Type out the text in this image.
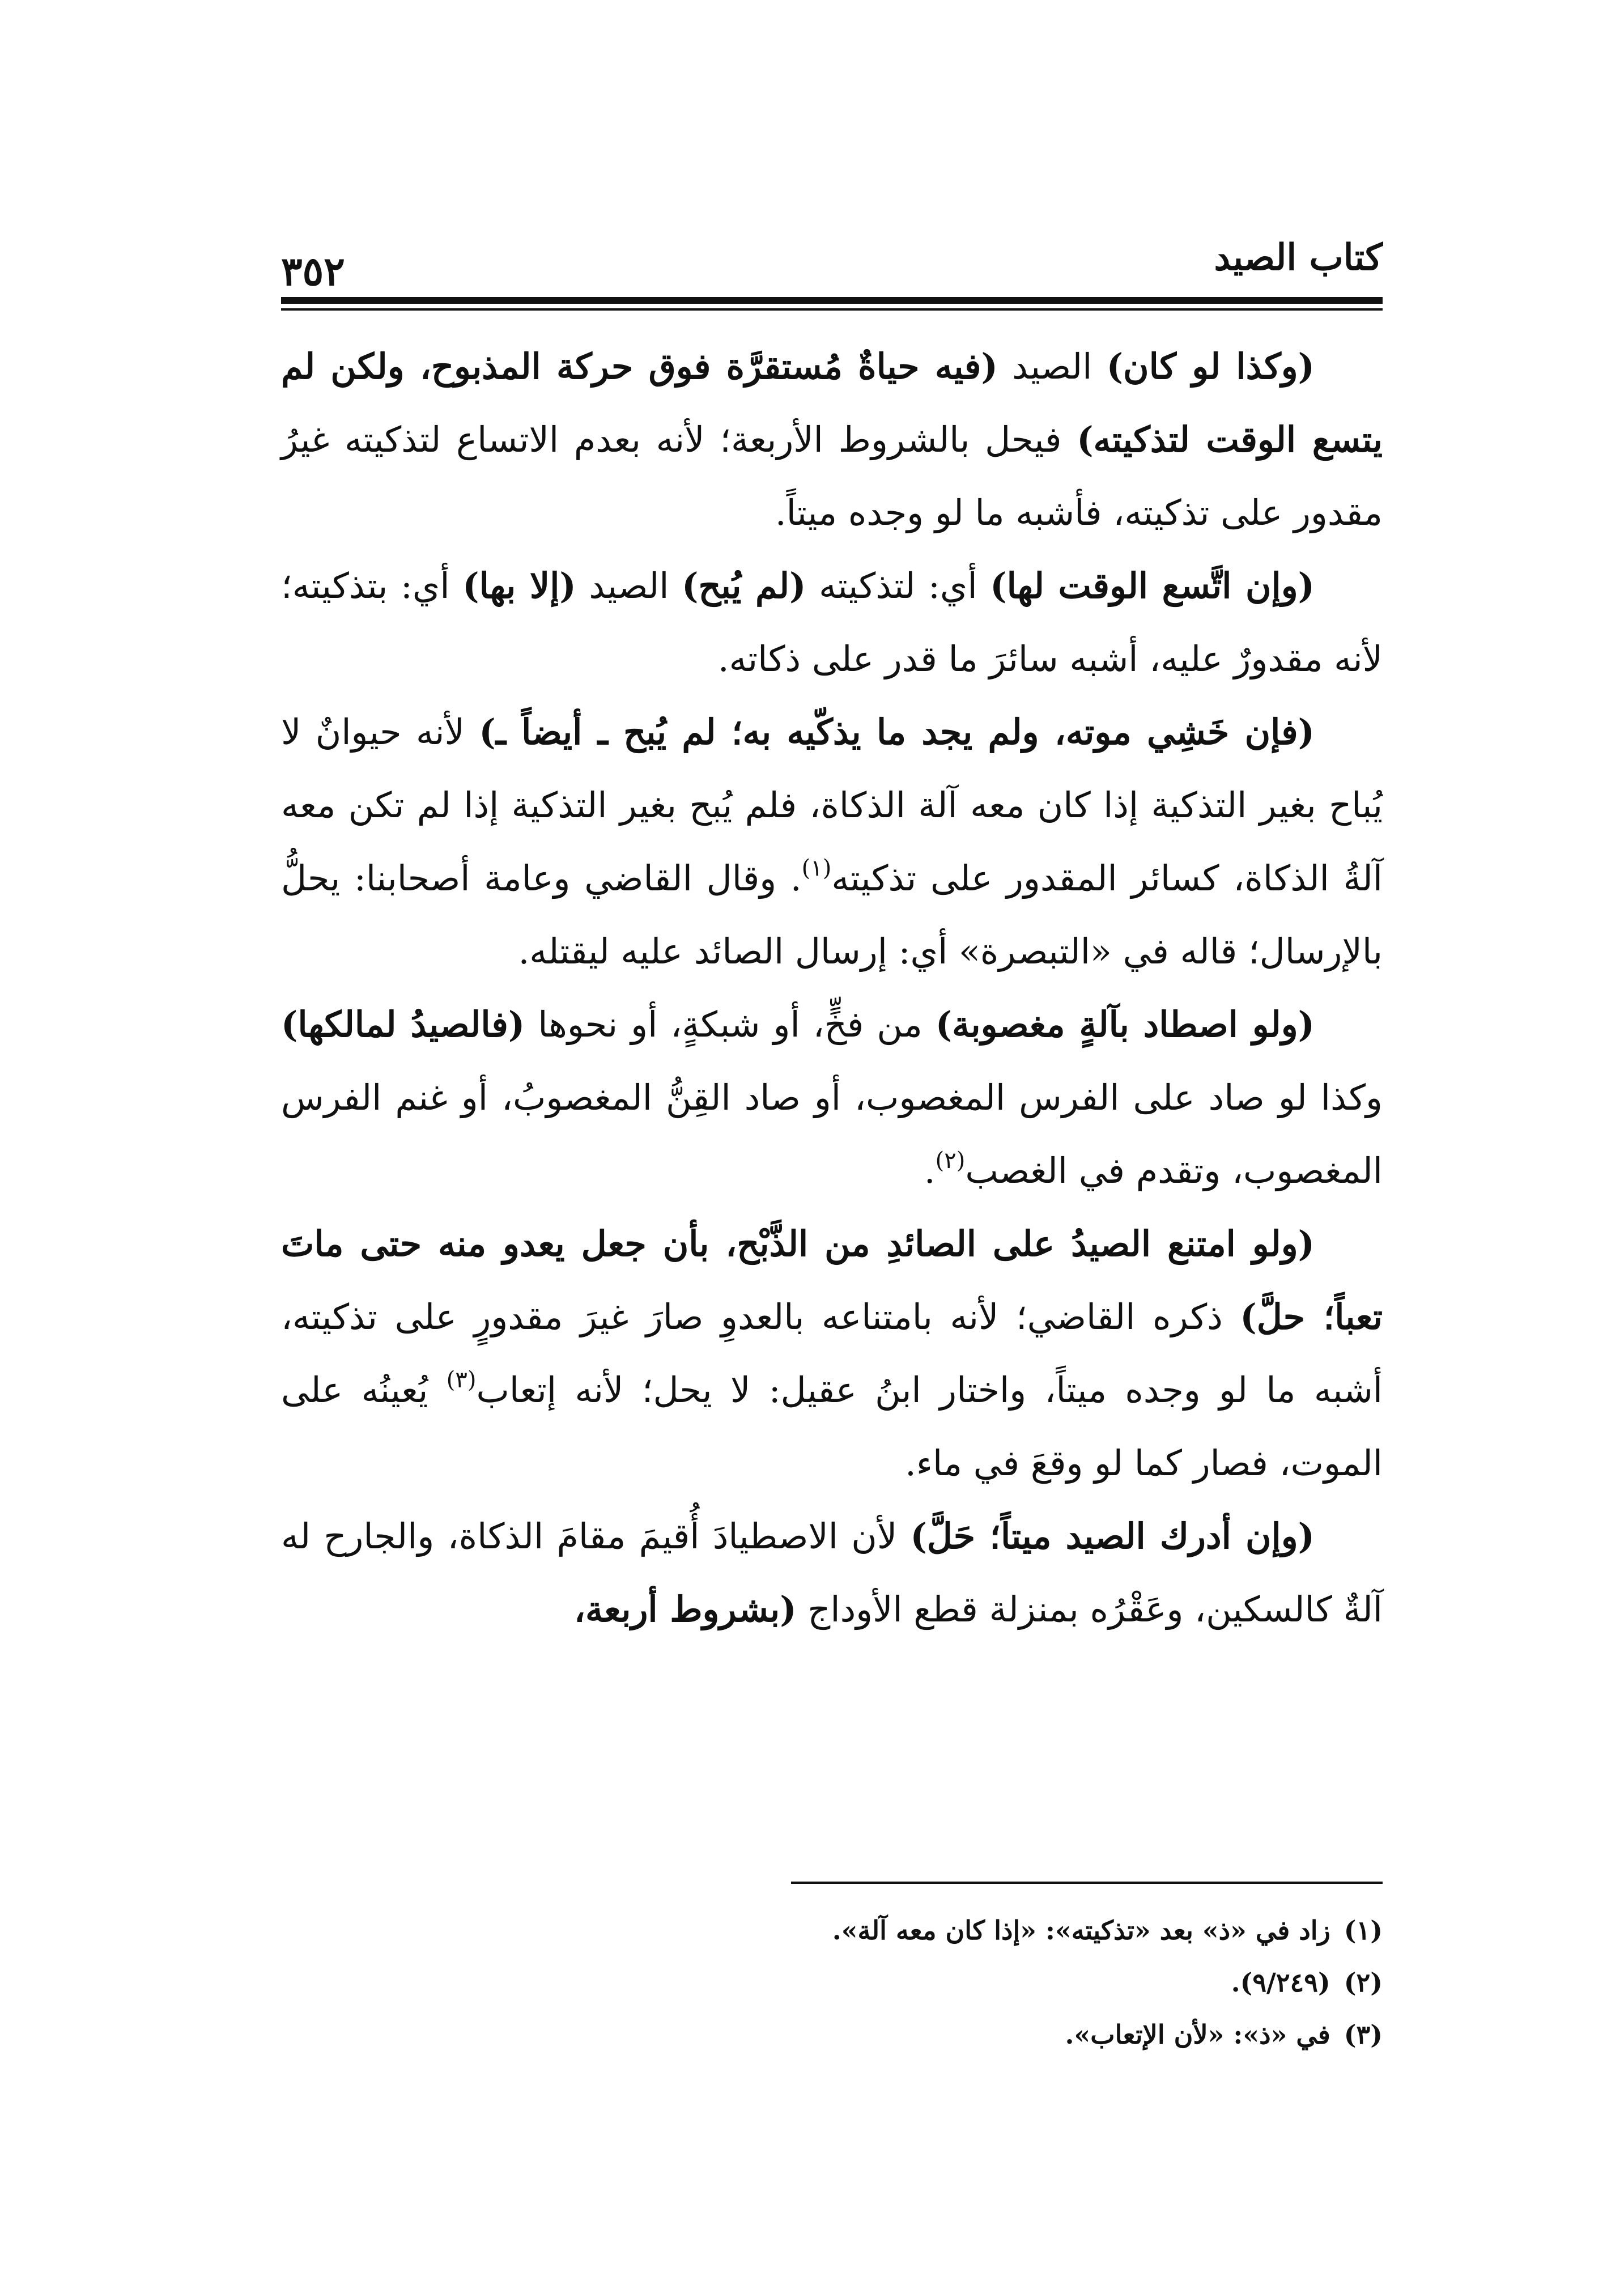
كتاب الصيد
٣٥٢

(وكذا لو كان) الصيد (فيه حياةٌ مُستقرَّة فوق حركة المذبوح، ولكن لم يتسع الوقت لتذكيته) فيحل بالشروط الأربعة؛ لأنه بعدم الاتساع لتذكيته غيرُ مقدور على تذكيته، فأشبه ما لو وجده ميتاً.

(وإن اتَّسع الوقت لها) أي: لتذكيته (لم يُبح) الصيد (إلا بها) أي: بتذكيته؛ لأنه مقدورٌ عليه، أشبه سائرَ ما قدر على ذكاته.

(فإن خَشِي موته، ولم يجد ما يذكّيه به؛ لم يُبح ـ أيضاً ـ) لأنه حيوانٌ لا يُباح بغير التذكية إذا كان معه آلة الذكاة، فلم يُبح بغير التذكية إذا لم تكن معه آلةُ الذكاة، كسائر المقدور على تذكيته$^{(١)}$. وقال القاضي وعامة أصحابنا: يحلُّ بالإرسال؛ قاله في «التبصرة» أي: إرسال الصائد عليه ليقتله.

(ولو اصطاد بآلةٍ مغصوبة) من فخٍّ، أو شبكةٍ، أو نحوها (فالصيدُ لمالكها) وكذا لو صاد على الفرس المغصوب، أو صاد القِنُّ المغصوبُ، أو غنم الفرس المغصوب، وتقدم في الغصب$^{(٢)}$.

(ولو امتنع الصيدُ على الصائدِ من الذَّبْح، بأن جعل يعدو منه حتى ماتَ تعباً؛ حلَّ) ذكره القاضي؛ لأنه بامتناعه بالعدوِ صارَ غيرَ مقدورٍ على تذكيته، أشبه ما لو وجده ميتاً، واختار ابنُ عقيل: لا يحل؛ لأنه إتعاب$^{(٣)}$ يُعينُه على الموت، فصار كما لو وقعَ في ماء.

(وإن أدرك الصيد ميتاً؛ حَلَّ) لأن الاصطيادَ أُقيمَ مقامَ الذكاة، والجارح له آلةٌ كالسكين، وعَقْرُه بمنزلة قطع الأوداج (بشروط أربعة،

(١)زاد في «ذ» بعد «تذكيته»: «إذا كان معه آلة».

(٢)(٩/٢٤٩).

(٣)في «ذ»: «لأن الإتعاب».
